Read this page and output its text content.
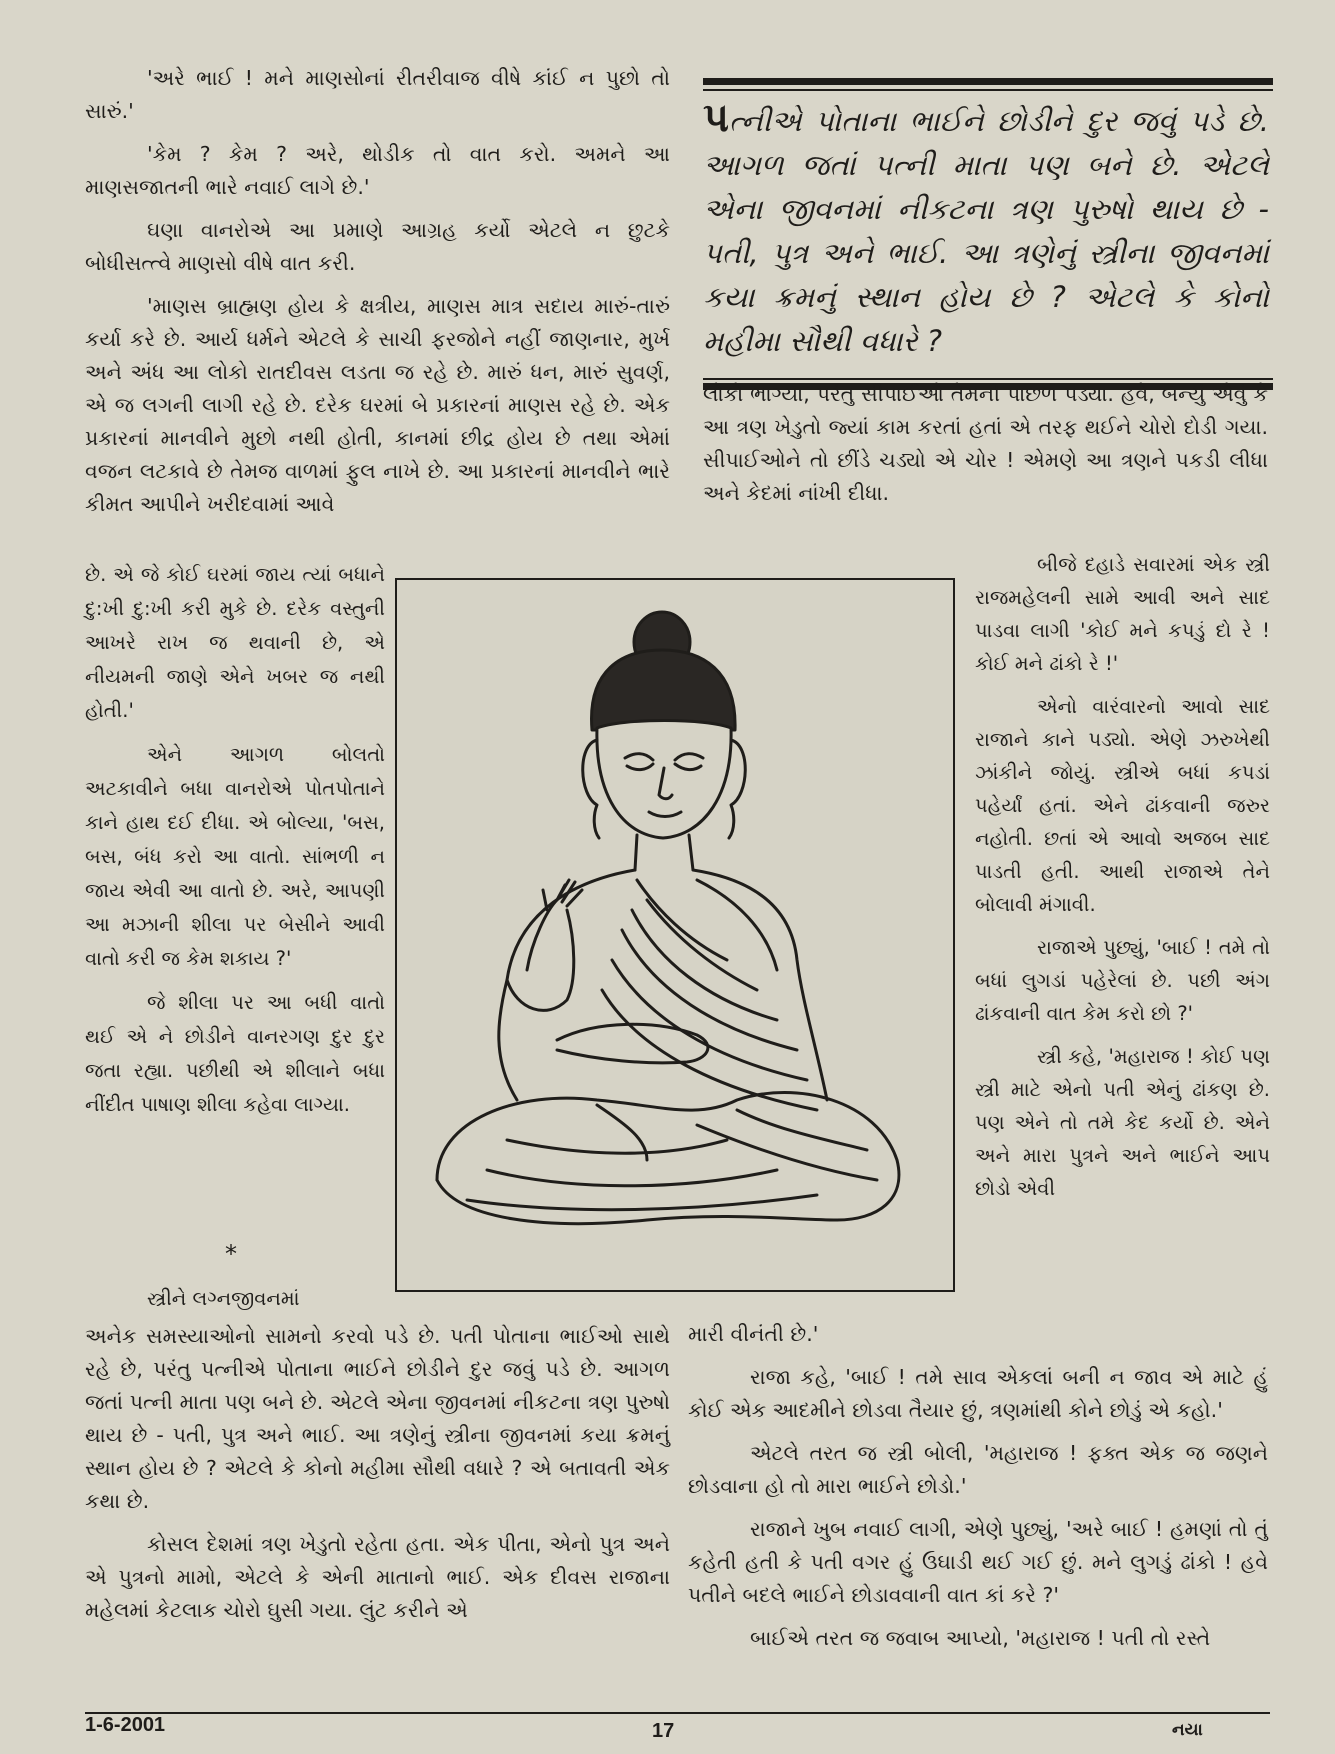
'અરે ભાઈ ! મને માણસોનાં રીતરીવાજ વીષે કાંઈ ન પુછો તો સારું.'

'કેમ ? કેમ ? અરે, થોડીક તો વાત કરો. અમને આ માણસજાતની ભારે નવાઈ લાગે છે.'

ઘણા વાનરોએ આ પ્રમાણે આગ્રહ કર્યો એટલે ન છુટકે બોધીસત્ત્વે માણસો વીષે વાત કરી.

'માણસ બ્રાહ્મણ હોય કે ક્ષત્રીય, માણસ માત્ર સદાય મારું-તારું કર્યા કરે છે. આર્ય ધર્મને એટલે કે સાચી ફરજોને નહીં જાણનાર, મુર્ખ અને અંધ આ લોકો રાતદીવસ લડતા જ રહે છે. મારું ધન, મારું સુવર્ણ, એ જ લગની લાગી રહે છે. દરેક ઘરમાં બે પ્રકારનાં માણસ રહે છે. એક પ્રકારનાં માનવીને મુછો નથી હોતી, કાનમાં છીદ્ર હોય છે તથા એમાં વજન લટકાવે છે તેમજ વાળમાં ફુલ નાખે છે. આ પ્રકારનાં માનવીને ભારે કીમત આપીને ખરીદવામાં આવે

છે. એ જે કોઈ ઘરમાં જાય ત્યાં બધાને દુ:ખી દુ:ખી કરી મુકે છે. દરેક વસ્તુની આખરે રાખ જ થવાની છે, એ નીયમની જાણે એને ખબર જ નથી હોતી.'

એને આગળ બોલતો અટકાવીને બધા વાનરોએ પોતપોતાને કાને હાથ દઈ દીધા. એ બોલ્યા, 'બસ, બસ, બંધ કરો આ વાતો. સાંભળી ન જાય એવી આ વાતો છે. અરે, આપણી આ મઝાની શીલા પર બેસીને આવી વાતો કરી જ કેમ શકાય ?'

જે શીલા પર આ બધી વાતો થઈ એ ને છોડીને વાનરગણ દુર દુર જતા રહ્યા. પછીથી એ શીલાને બધા નીંદીત પાષાણ શીલા કહેવા લાગ્યા.

*
સ્ત્રીને લગ્નજીવનમાં

અનેક સમસ્યાઓનો સામનો કરવો પડે છે. પતી પોતાના ભાઈઓ સાથે રહે છે, પરંતુ પત્નીએ પોતાના ભાઈને છોડીને દુર જવું પડે છે. આગળ જતાં પત્ની માતા પણ બને છે. એટલે એના જીવનમાં નીકટના ત્રણ પુરુષો થાય છે - પતી, પુત્ર અને ભાઈ. આ ત્રણેનું સ્ત્રીના જીવનમાં કયા ક્રમનું સ્થાન હોય છે ? એટલે કે કોનો મહીમા સૌથી વધારે ? એ બતાવતી એક કથા છે.

કોસલ દેશમાં ત્રણ ખેડુતો રહેતા હતા. એક પીતા, એનો પુત્ર અને એ પુત્રનો મામો, એટલે કે એની માતાનો ભાઈ. એક દીવસ રાજાના મહેલમાં કેટલાક ચોરો ઘુસી ગયા. લુંટ કરીને એ

પત્નીએ પોતાના ભાઈને છોડીને દુર જવું પડે છે. આગળ જતાં પત્ની માતા પણ બને છે. એટલે એના જીવનમાં નીકટના ત્રણ પુરુષો થાય છે - પતી, પુત્ર અને ભાઈ. આ ત્રણેનું સ્ત્રીના જીવનમાં કયા ક્રમનું સ્થાન હોય છે ? એટલે કે કોનો મહીમા સૌથી વધારે ?

લોકો ભાગ્યા, પરંતુ સીપાઈઓ તેમની પાછળ પડ્યા. હવે, બન્યું એવું કે આ ત્રણ ખેડુતો જ્યાં કામ કરતાં હતાં એ તરફ થઈને ચોરો દોડી ગયા. સીપાઈઓને તો છીંડે ચડ્યો એ ચોર ! એમણે આ ત્રણને પકડી લીધા અને કેદમાં નાંખી દીધા.

બીજે દહાડે સવારમાં એક સ્ત્રી રાજમહેલની સામે આવી અને સાદ પાડવા લાગી 'કોઈ મને કપડું દો રે ! કોઈ મને ઢાંકો રે !'

એનો વારંવારનો આવો સાદ રાજાને કાને પડ્યો. એણે ઝરુખેથી ઝાંકીને જોયું. સ્ત્રીએ બધાં કપડાં પહેર્યાં હતાં. એને ઢાંકવાની જરુર નહોતી. છતાં એ આવો અજબ સાદ પાડતી હતી. આથી રાજાએ તેને બોલાવી મંગાવી.

રાજાએ પુછ્યું, 'બાઈ ! તમે તો બધાં લુગડાં પહેરેલાં છે. પછી અંગ ઢાંકવાની વાત કેમ કરો છો ?'

સ્ત્રી કહે, 'મહારાજ ! કોઈ પણ સ્ત્રી માટે એનો પતી એનું ઢાંકણ છે. પણ એને તો તમે કેદ કર્યો છે. એને અને મારા પુત્રને અને ભાઈને આપ છોડો એવી

મારી વીનંતી છે.'

રાજા કહે, 'બાઈ ! તમે સાવ એકલાં બની ન જાવ એ માટે હું કોઈ એક આદમીને છોડવા તૈયાર છું, ત્રણમાંથી કોને છોડું એ કહો.'

એટલે તરત જ સ્ત્રી બોલી, 'મહારાજ ! ફક્ત એક જ જણને છોડવાના હો તો મારા ભાઈને છોડો.'

રાજાને ખુબ નવાઈ લાગી, એણે પુછ્યું, 'અરે બાઈ ! હમણાં તો તું કહેતી હતી કે પતી વગર હું ઉઘાડી થઈ ગઈ છું. મને લુગડું ઢાંકો ! હવે પતીને બદલે ભાઈને છોડાવવાની વાત કાં કરે ?'

બાઈએ તરત જ જવાબ આપ્યો, 'મહારાજ ! પતી તો રસ્તે

1-6-2001	17	નયા
